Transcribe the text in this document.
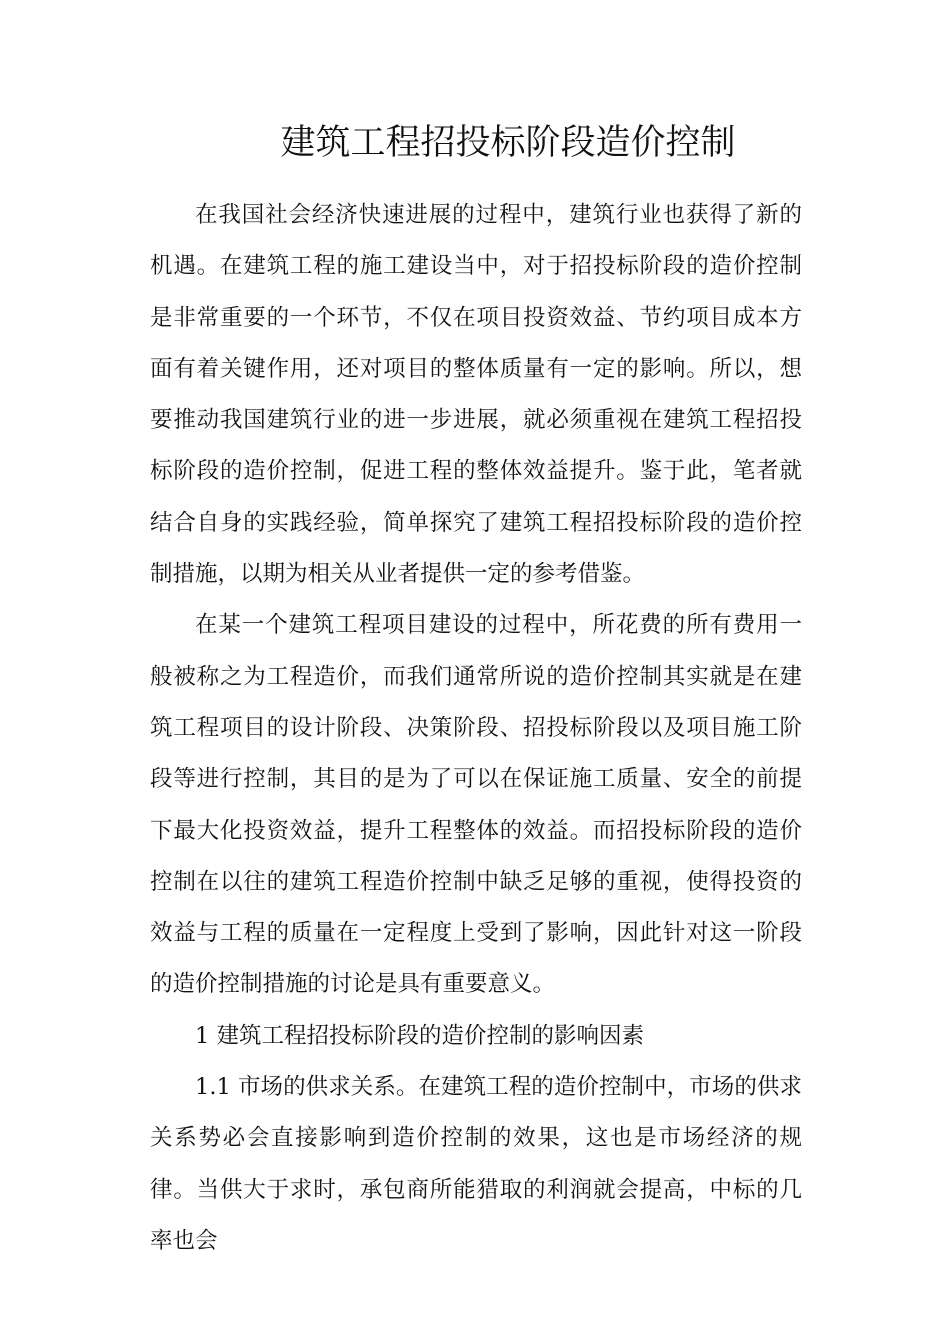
建筑工程招投标阶段造价控制

在我国社会经济快速进展的过程中，建筑行业也获得了新的机遇。在建筑工程的施工建设当中，对于招投标阶段的造价控制是非常重要的一个环节，不仅在项目投资效益、节约项目成本方面有着关键作用，还对项目的整体质量有一定的影响。所以，想要推动我国建筑行业的进一步进展，就必须重视在建筑工程招投标阶段的造价控制，促进工程的整体效益提升。鉴于此，笔者就结合自身的实践经验，简单探究了建筑工程招投标阶段的造价控制措施，以期为相关从业者提供一定的参考借鉴。

在某一个建筑工程项目建设的过程中，所花费的所有费用一般被称之为工程造价，而我们通常所说的造价控制其实就是在建筑工程项目的设计阶段、决策阶段、招投标阶段以及项目施工阶段等进行控制，其目的是为了可以在保证施工质量、安全的前提下最大化投资效益，提升工程整体的效益。而招投标阶段的造价控制在以往的建筑工程造价控制中缺乏足够的重视，使得投资的效益与工程的质量在一定程度上受到了影响，因此针对这一阶段的造价控制措施的讨论是具有重要意义。

1 建筑工程招投标阶段的造价控制的影响因素

1.1 市场的供求关系。在建筑工程的造价控制中，市场的供求关系势必会直接影响到造价控制的效果，这也是市场经济的规律。当供大于求时，承包商所能猎取的利润就会提高，中标的几率也会
